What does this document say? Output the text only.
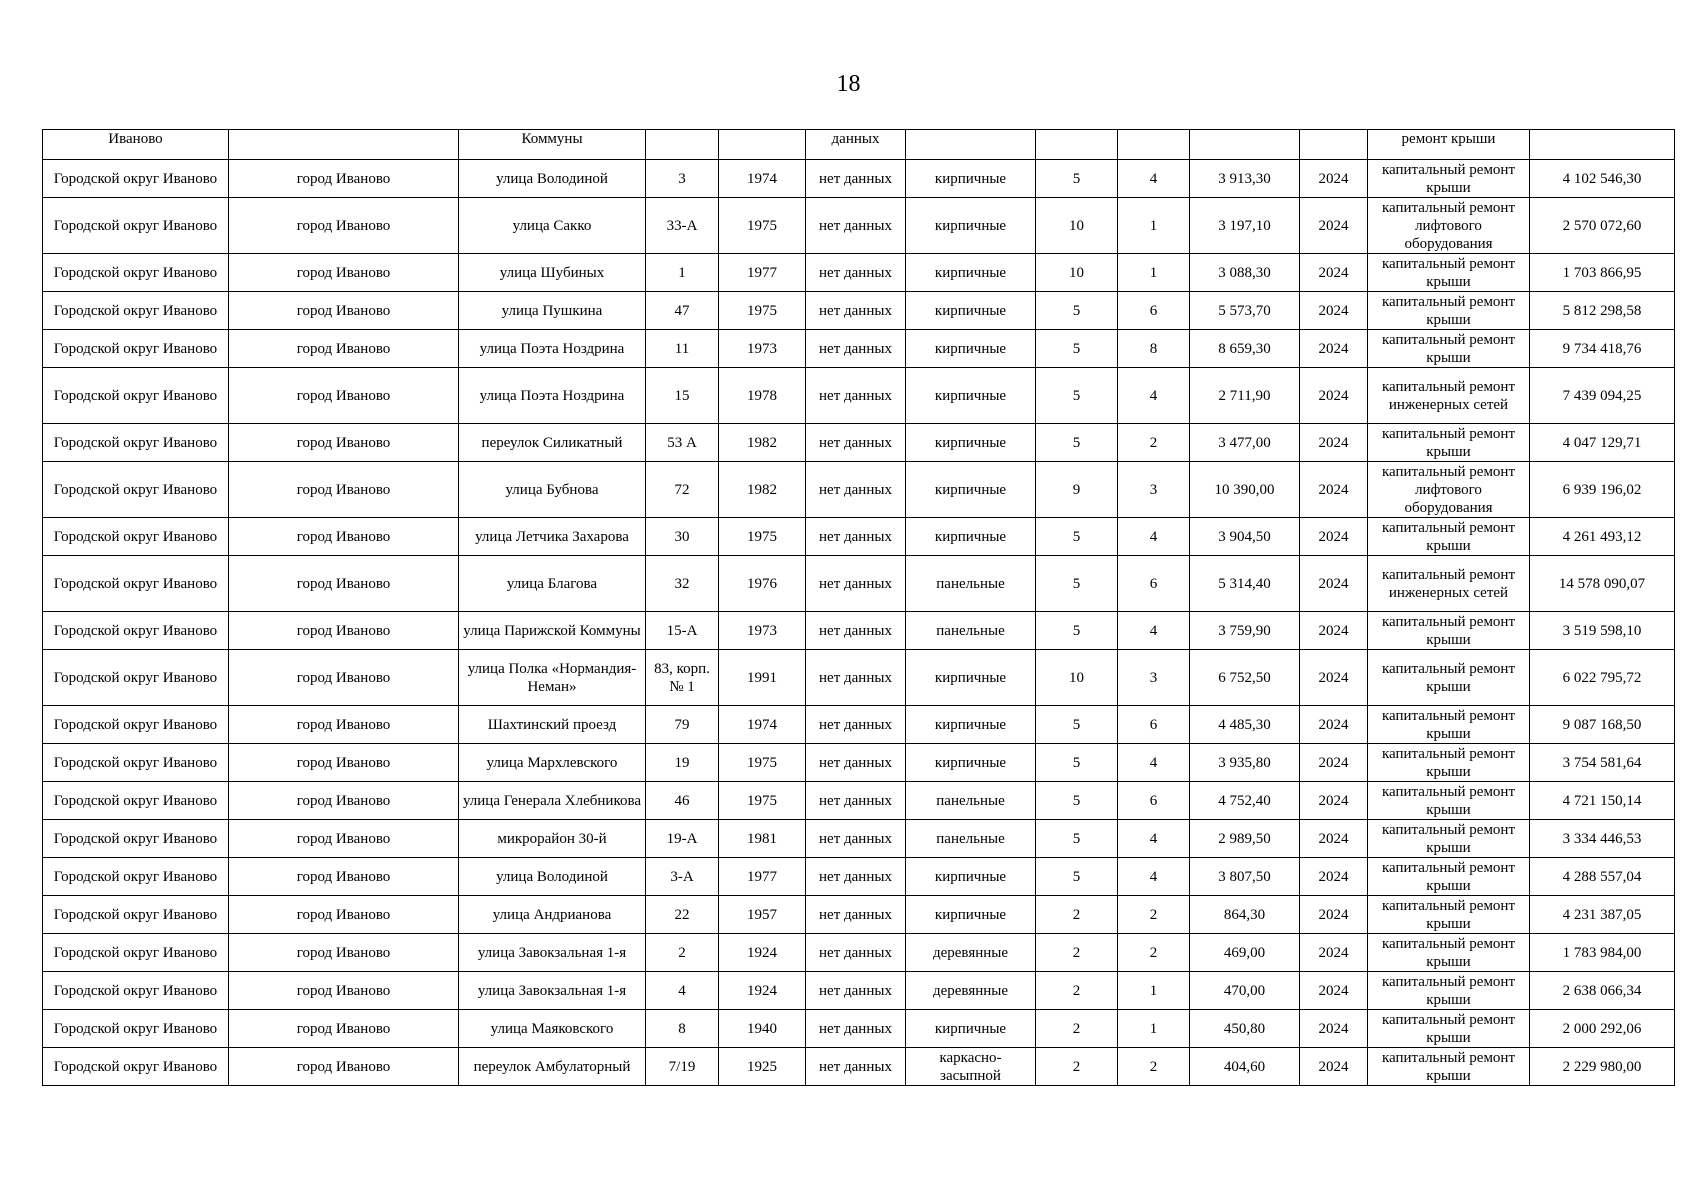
18
Иваново		Коммуны			данных						ремонт крыши	
Городской округ Иваново	город Иваново	улица Володиной	3	1974	нет данных	кирпичные	5	4	3 913,30	2024	капитальный ремонт крыши	4 102 546,30
Городской округ Иваново	город Иваново	улица Сакко	33-А	1975	нет данных	кирпичные	10	1	3 197,10	2024	капитальный ремонт лифтового оборудования	2 570 072,60
Городской округ Иваново	город Иваново	улица Шубиных	1	1977	нет данных	кирпичные	10	1	3 088,30	2024	капитальный ремонт крыши	1 703 866,95
Городской округ Иваново	город Иваново	улица Пушкина	47	1975	нет данных	кирпичные	5	6	5 573,70	2024	капитальный ремонт крыши	5 812 298,58
Городской округ Иваново	город Иваново	улица Поэта Ноздрина	11	1973	нет данных	кирпичные	5	8	8 659,30	2024	капитальный ремонт крыши	9 734 418,76
Городской округ Иваново	город Иваново	улица Поэта Ноздрина	15	1978	нет данных	кирпичные	5	4	2 711,90	2024	капитальный ремонт инженерных сетей	7 439 094,25
Городской округ Иваново	город Иваново	переулок Силикатный	53 А	1982	нет данных	кирпичные	5	2	3 477,00	2024	капитальный ремонт крыши	4 047 129,71
Городской округ Иваново	город Иваново	улица Бубнова	72	1982	нет данных	кирпичные	9	3	10 390,00	2024	капитальный ремонт лифтового оборудования	6 939 196,02
Городской округ Иваново	город Иваново	улица Летчика Захарова	30	1975	нет данных	кирпичные	5	4	3 904,50	2024	капитальный ремонт крыши	4 261 493,12
Городской округ Иваново	город Иваново	улица Благова	32	1976	нет данных	панельные	5	6	5 314,40	2024	капитальный ремонт инженерных сетей	14 578 090,07
Городской округ Иваново	город Иваново	улица Парижской Коммуны	15-А	1973	нет данных	панельные	5	4	3 759,90	2024	капитальный ремонт крыши	3 519 598,10
Городской округ Иваново	город Иваново	улица Полка «Нормандия-Неман»	83, корп. № 1	1991	нет данных	кирпичные	10	3	6 752,50	2024	капитальный ремонт крыши	6 022 795,72
Городской округ Иваново	город Иваново	Шахтинский проезд	79	1974	нет данных	кирпичные	5	6	4 485,30	2024	капитальный ремонт крыши	9 087 168,50
Городской округ Иваново	город Иваново	улица Мархлевского	19	1975	нет данных	кирпичные	5	4	3 935,80	2024	капитальный ремонт крыши	3 754 581,64
Городской округ Иваново	город Иваново	улица Генерала Хлебникова	46	1975	нет данных	панельные	5	6	4 752,40	2024	капитальный ремонт крыши	4 721 150,14
Городской округ Иваново	город Иваново	микрорайон 30-й	19-А	1981	нет данных	панельные	5	4	2 989,50	2024	капитальный ремонт крыши	3 334 446,53
Городской округ Иваново	город Иваново	улица Володиной	3-А	1977	нет данных	кирпичные	5	4	3 807,50	2024	капитальный ремонт крыши	4 288 557,04
Городской округ Иваново	город Иваново	улица Андрианова	22	1957	нет данных	кирпичные	2	2	864,30	2024	капитальный ремонт крыши	4 231 387,05
Городской округ Иваново	город Иваново	улица Завокзальная 1-я	2	1924	нет данных	деревянные	2	2	469,00	2024	капитальный ремонт крыши	1 783 984,00
Городской округ Иваново	город Иваново	улица Завокзальная 1-я	4	1924	нет данных	деревянные	2	1	470,00	2024	капитальный ремонт крыши	2 638 066,34
Городской округ Иваново	город Иваново	улица Маяковского	8	1940	нет данных	кирпичные	2	1	450,80	2024	капитальный ремонт крыши	2 000 292,06
Городской округ Иваново	город Иваново	переулок Амбулаторный	7/19	1925	нет данных	каркасно-засыпной	2	2	404,60	2024	капитальный ремонт крыши	2 229 980,00
